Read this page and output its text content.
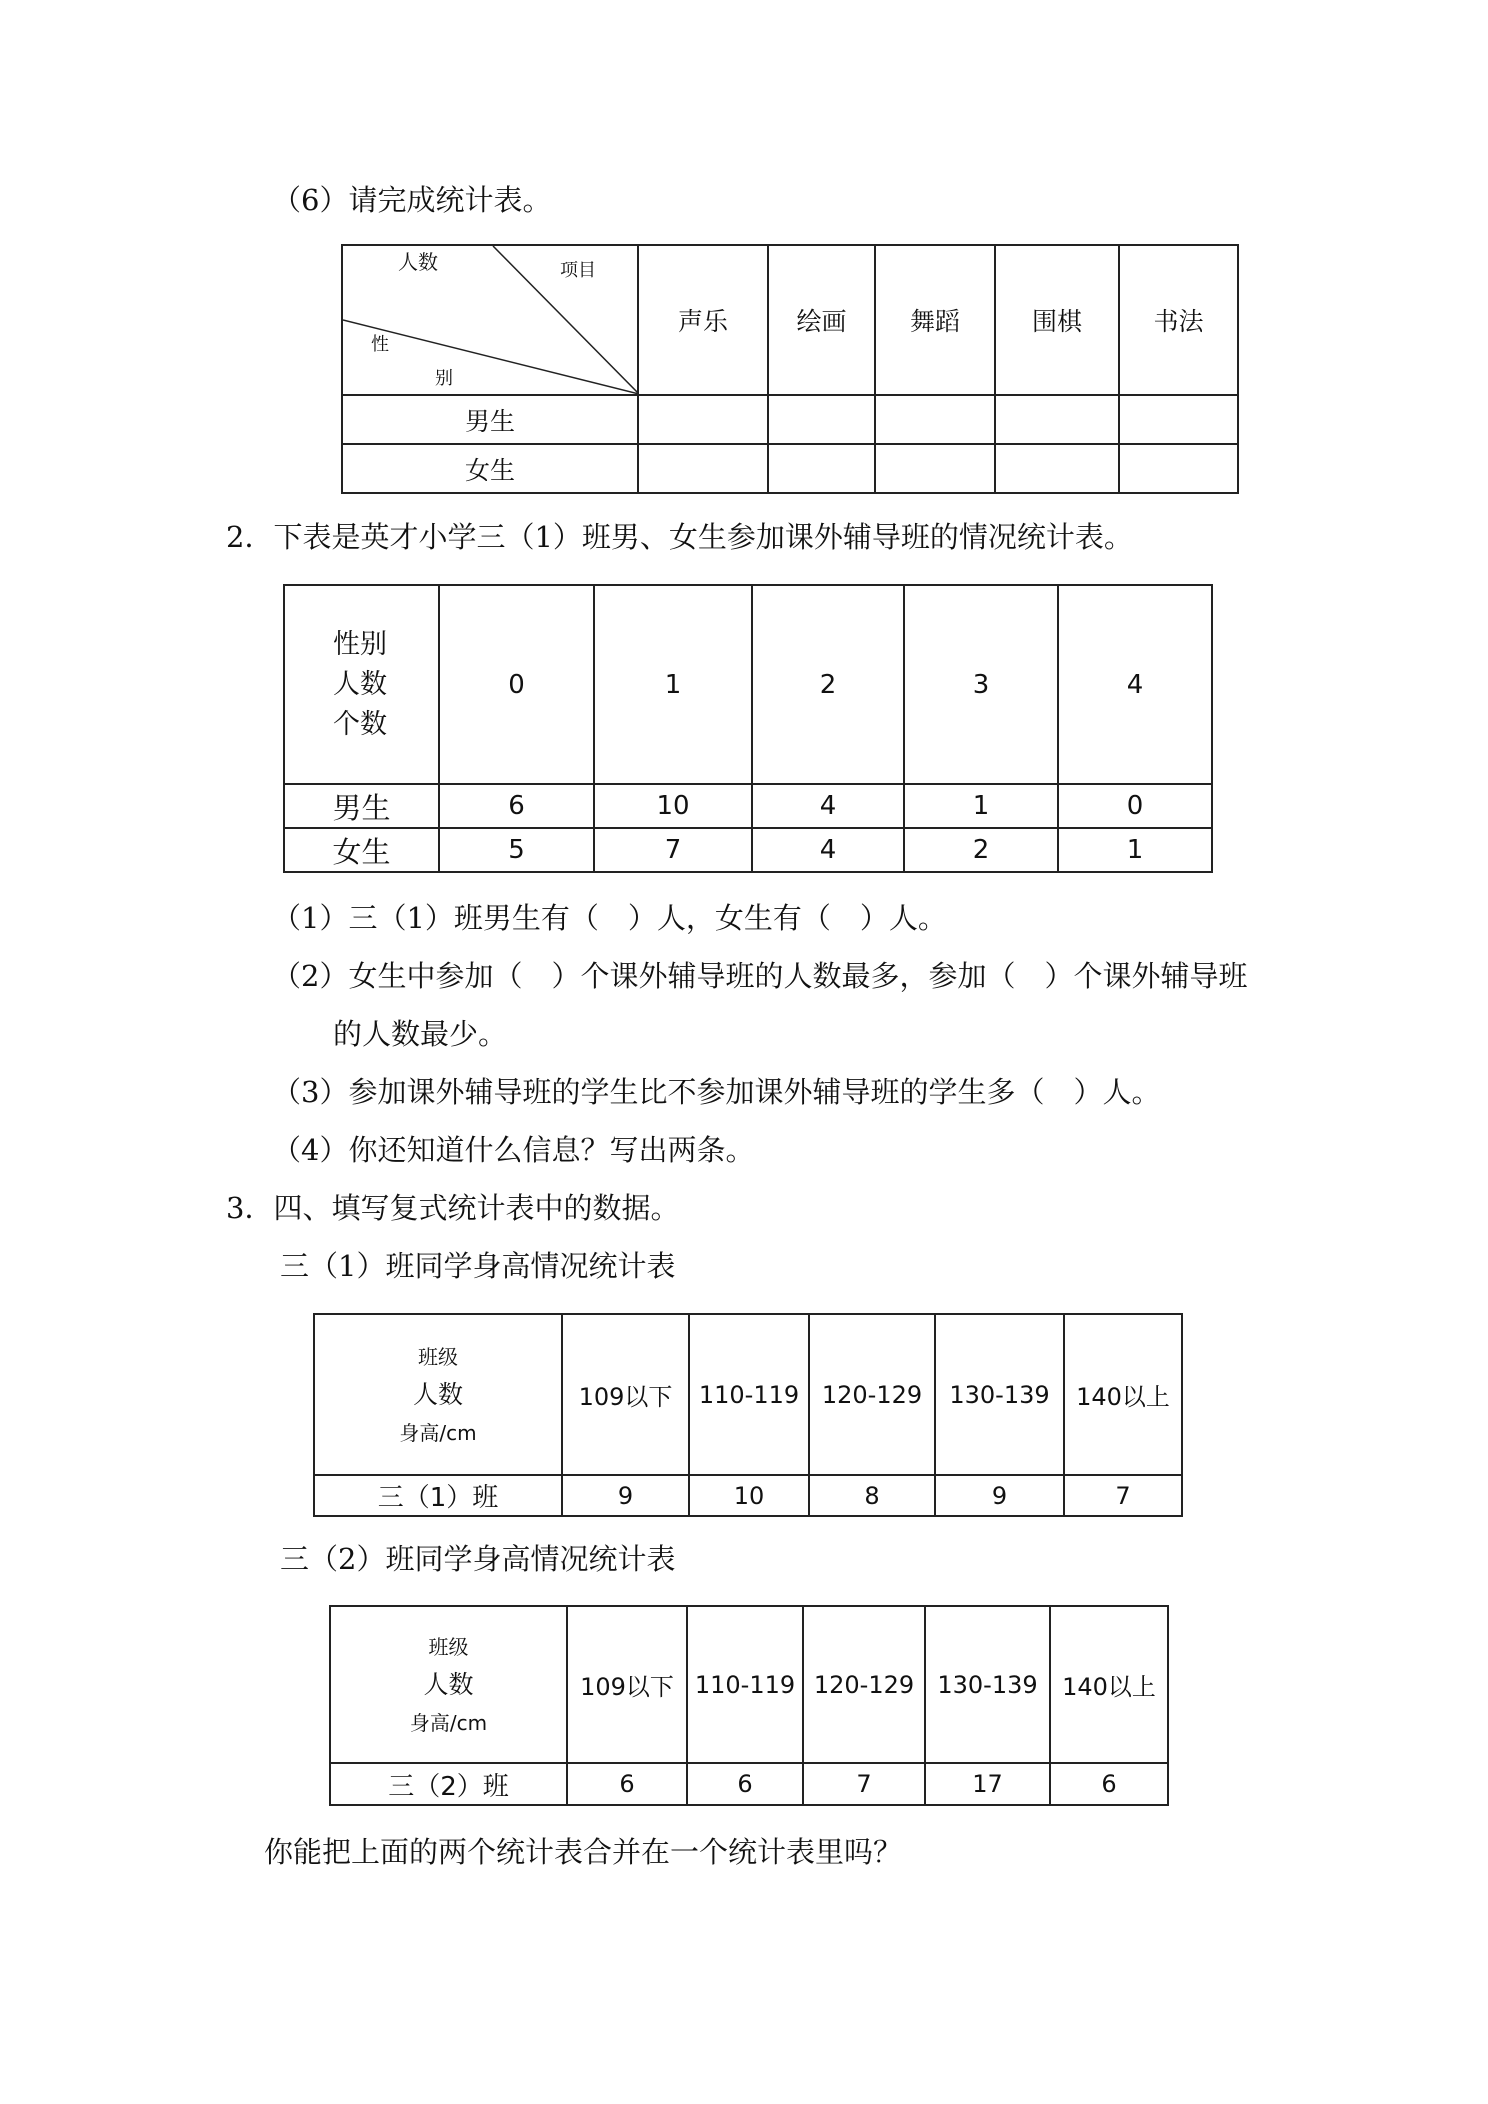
（6）请完成统计表。
人数 项目
性
别	声乐	绘画	舞蹈	围棋	书法
男生					
女生					
2．下表是英才小学三（1）班男、女生参加课外辅导班的情况统计表。
性别
人数
个数	0	1	2	3	4
男生	6	10	4	1	0
女生	5	7	4	2	1
（1）三（1）班男生有（　）人，女生有（　）人。
（2）女生中参加（　）个课外辅导班的人数最多，参加（　）个课外辅导班
的人数最少。
（3）参加课外辅导班的学生比不参加课外辅导班的学生多（　）人。
（4）你还知道什么信息？写出两条。
3．四、填写复式统计表中的数据。
三（1）班同学身高情况统计表
班级
人数
身高/cm	109以下	110-119	120-129	130-139	140以上
三（1）班	9	10	8	9	7
三（2）班同学身高情况统计表
班级
人数
身高/cm	109以下	110-119	120-129	130-139	140以上
三（2）班	6	6	7	17	6
你能把上面的两个统计表合并在一个统计表里吗？
